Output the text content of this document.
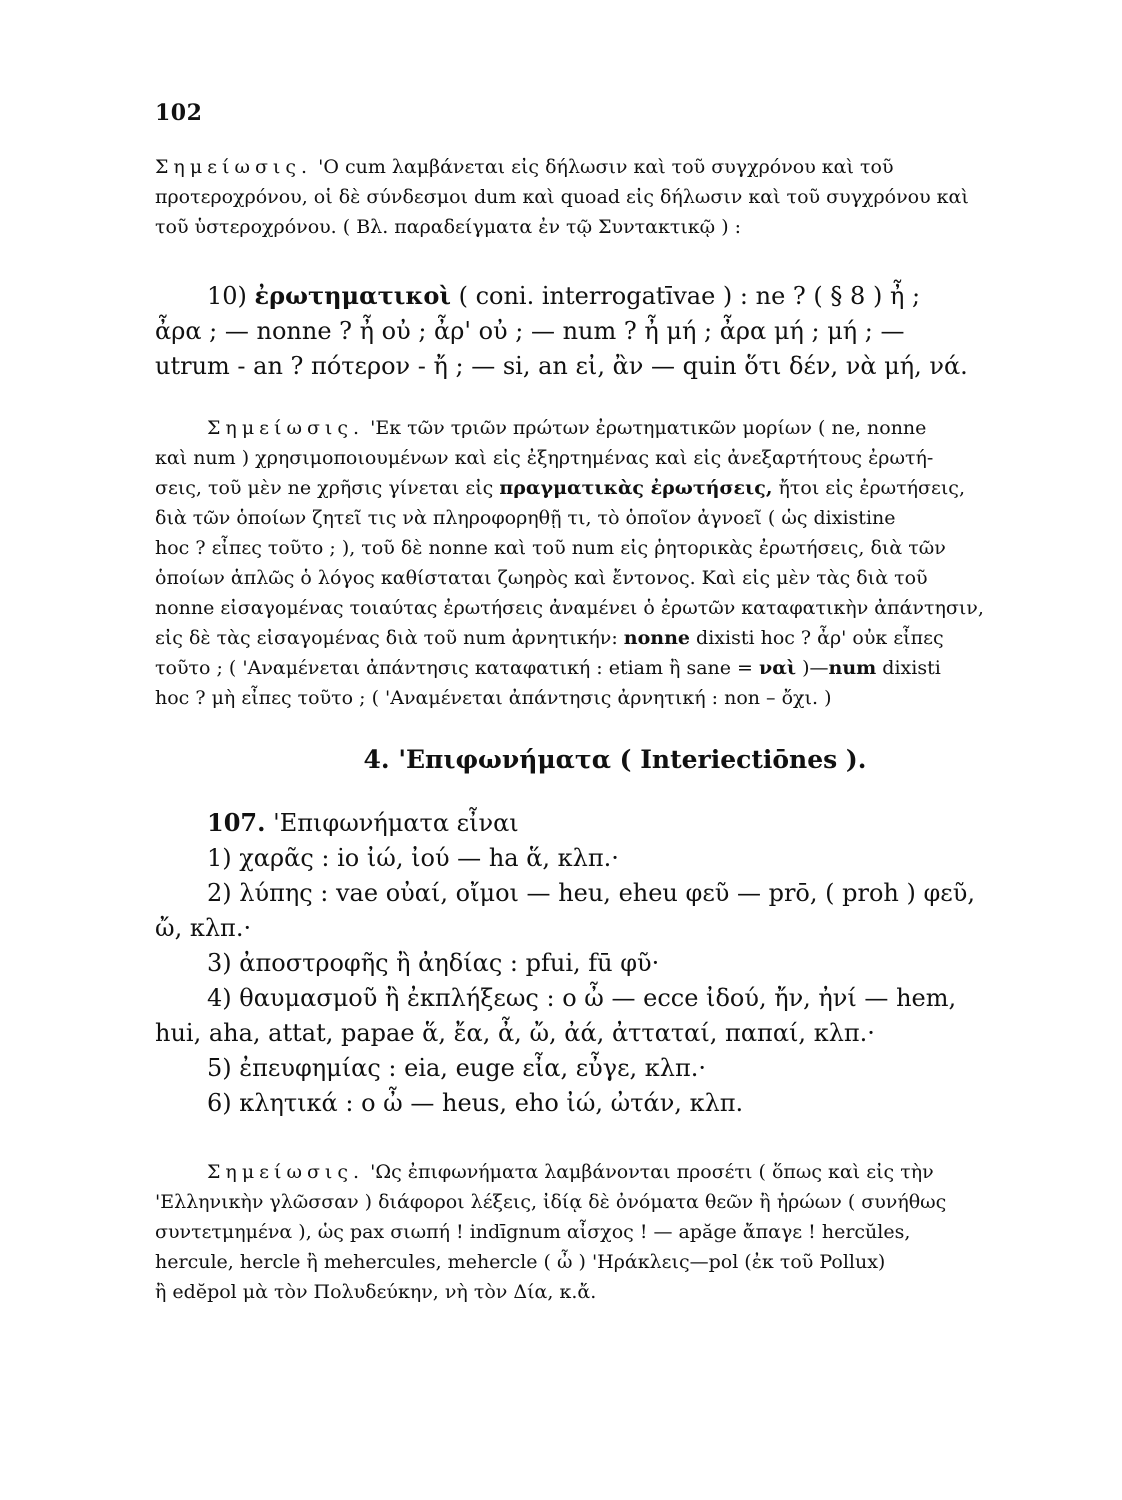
102
Σημείωσις. 'Ο cum λαμβάνεται εἰς δήλωσιν καὶ τοῦ συγχρόνου καὶ τοῦ
προτεροχρόνου, οἱ δὲ σύνδεσμοι dum καὶ quoad εἰς δήλωσιν καὶ τοῦ συγχρόνου καὶ
τοῦ ὑστεροχρόνου. ( Βλ. παραδείγματα ἐν τῷ Συντακτικῷ ) :
10) ἐρωτηματικοὶ ( coni. interrogatīvae ) : ne ? ( § 8 ) ἦ ;
ἆρα ; — nonne ? ἦ οὐ ; ἆρ' οὐ ; — num ? ἦ μή ; ἆρα μή ; μή ; —
utrum - an ? πότερον - ἤ ; — si, an εἰ, ἂν — quin ὅτι δέν, νὰ μή, νά.
Σημείωσις. 'Εκ τῶν τριῶν πρώτων ἐρωτηματικῶν μορίων ( ne, nonne
καὶ num ) χρησιμοποιουμένων καὶ εἰς ἐξηρτημένας καὶ εἰς ἀνεξαρτήτους ἐρωτή-
σεις, τοῦ μὲν ne χρῆσις γίνεται εἰς πραγματικὰς ἐρωτήσεις, ἤτοι εἰς ἐρωτήσεις,
διὰ τῶν ὁποίων ζητεῖ τις νὰ πληροφορηθῇ τι, τὸ ὁποῖον ἀγνοεῖ ( ὡς dixistine
hoc ? εἶπες τοῦτο ; ), τοῦ δὲ nonne καὶ τοῦ num εἰς ῥητορικὰς ἐρωτήσεις, διὰ τῶν
ὁποίων ἁπλῶς ὁ λόγος καθίσταται ζωηρὸς καὶ ἔντονος. Καὶ εἰς μὲν τὰς διὰ τοῦ
nonne εἰσαγομένας τοιαύτας ἐρωτήσεις ἀναμένει ὁ ἐρωτῶν καταφατικὴν ἀπάντησιν,
εἰς δὲ τὰς εἰσαγομένας διὰ τοῦ num ἀρνητικήν: nonne dixisti hoc ? ἆρ' οὐκ εἶπες
τοῦτο ; ( 'Αναμένεται ἀπάντησις καταφατική : etiam ἢ sane = ναὶ )—num dixisti
hoc ? μὴ εἶπες τοῦτο ; ( 'Αναμένεται ἀπάντησις ἀρνητική : non – ὄχι. )
4. 'Επιφωνήματα ( Interiectiōnes ).
107. 'Επιφωνήματα εἶναι
1) χαρᾶς : io ἰώ, ἰού — ha ἅ, κλπ.·
2) λύπης : vae οὐαί, οἴμοι — heu, eheu φεῦ — prō, ( proh ) φεῦ,
ὤ, κλπ.·
3) ἀποστροφῆς ἢ ἀηδίας : pfui, fū φῦ·
4) θαυμασμοῦ ἢ ἐκπλήξεως : o ὦ — ecce ἰδού, ἤν, ἠνί — hem,
hui, aha, attat, papae ἅ, ἔα, ἆ, ὤ, ἀά, ἀτταταί, παπαί, κλπ.·
5) ἐπευφημίας : eia, euge εἶα, εὖγε, κλπ.·
6) κλητικά : o ὦ — heus, eho ἰώ, ὠτάν, κλπ.
Σημείωσις. 'Ως ἐπιφωνήματα λαμβάνονται προσέτι ( ὅπως καὶ εἰς τὴν
'Ελληνικὴν γλῶσσαν ) διάφοροι λέξεις, ἰδίᾳ δὲ ὀνόματα θεῶν ἢ ἡρώων ( συνήθως
συντετμημένα ), ὡς pax σιωπή ! indīgnum αἶσχος ! — apăge ἄπαγε ! hercŭles,
hercule, hercle ἢ mehercules, mehercle ( ὦ ) 'Ηράκλεις—pol (ἐκ τοῦ Pollux)
ἢ edĕpol μὰ τὸν Πολυδεύκην, νὴ τὸν Δία, κ.ἄ.
